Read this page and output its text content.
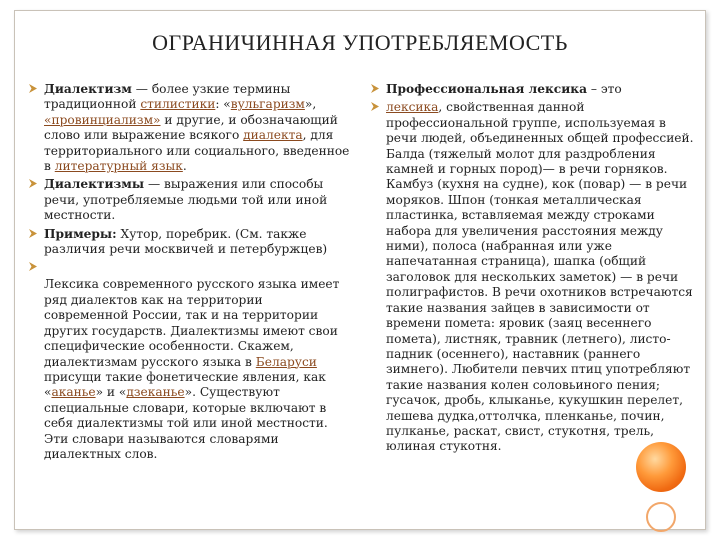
ОГРАНИЧИННАЯ УПОТРЕБЛЯЕМОСТЬ
Диалектизм — более узкие термины традиционной стилистики: «вульгаризм», «провинциализм» и другие, и обозначающий слово или выражение всякого диалекта, для территориального или социального, введенное в литературный язык.
Диалектизмы — выражения или способы речи, употребляемые людьми той или иной местности.
Примеры: Хутор, поребрик. (См. также различия речи москвичей и петербуржцев)
Лексика современного русского языка имеет ряд диалектов как на территории современной России, так и на территории других государств. Диалектизмы имеют свои специфические особенности. Скажем, диалектизмам русского языка в Беларуси присущи такие фонетические явления, как «аканье» и «дзеканье». Существуют специальные словари, которые включают в себя диалектизмы той или иной местности. Эти словари называются словарями диалектных слов.
Профессиональная лексика – это
лексика, свойственная данной профессиональной группе, используемая в речи людей, объединенных общей профессией. Балда (тяжелый молот для раздробления камней и горных пород)— в речи горняков. Камбуз (кухня на судне), кок (повар) — в речи моряков. Шпон (тонкая металлическая пластинка, вставляемая между строками набора для увеличения расстояния между ними), полоса (набранная или уже напечатанная страница), шапка (общий заголовок для нескольких заметок) — в речи полиграфистов. В речи охотников встречаются такие названия зайцев в зависимости от времени помета: яровик (заяц весеннего помета), листняк, травник (летнего), листо-падник (осеннего), наставник (раннего зимнего). Любители певчих птиц употребляют такие названия колен соловьиного пения; гусачок, дробь, клыканье, кукушкин перелет, лешева дудка,оттолчка, пленканье, почин, пулканье, раскат, свист, стукотня, трель, юлиная стукотня.
